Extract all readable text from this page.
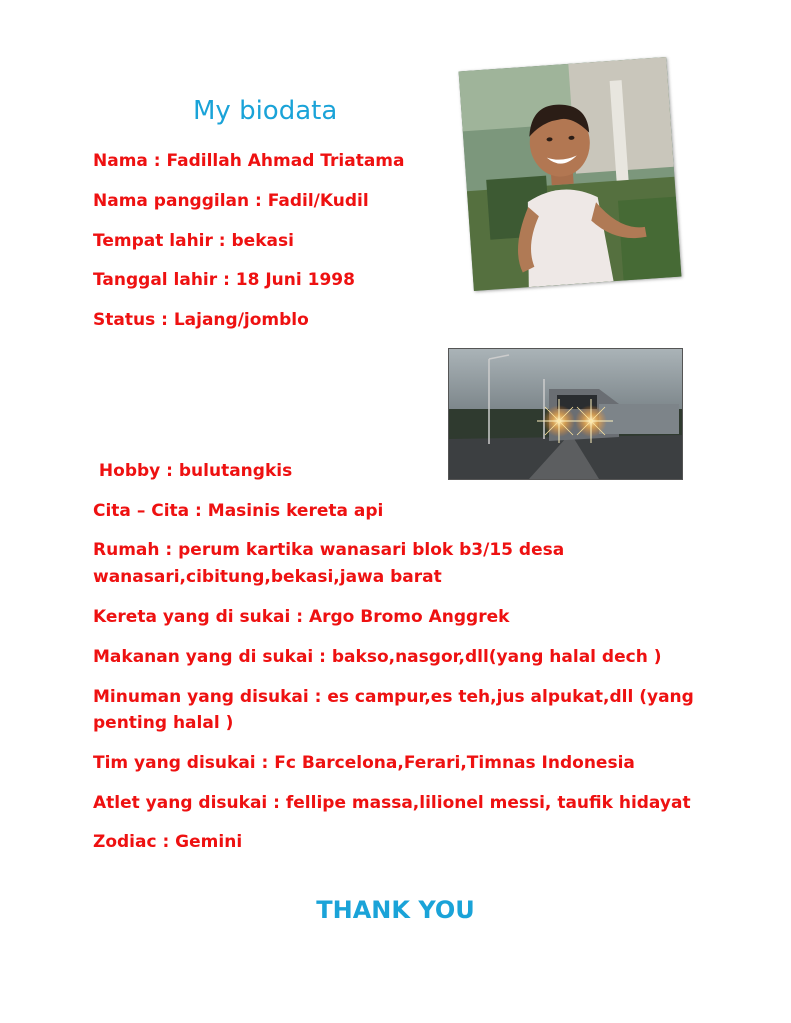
My biodata
Nama : Fadillah Ahmad Triatama
Nama panggilan : Fadil/Kudil
Tempat lahir : bekasi
Tanggal lahir : 18 Juni 1998
Status : Lajang/jomblo
Hobby : bulutangkis
Cita – Cita : Masinis kereta api
Rumah : perum kartika wanasari blok b3/15 desa
wanasari,cibitung,bekasi,jawa barat
Kereta yang di sukai : Argo Bromo Anggrek
Makanan yang di sukai : bakso,nasgor,dll(yang halal dech )
Minuman yang disukai : es campur,es teh,jus alpukat,dll (yang
penting halal )
Tim yang disukai : Fc Barcelona,Ferari,Timnas Indonesia
Atlet yang disukai : fellipe massa,lilionel messi, taufik hidayat
Zodiac : Gemini
THANK YOU
